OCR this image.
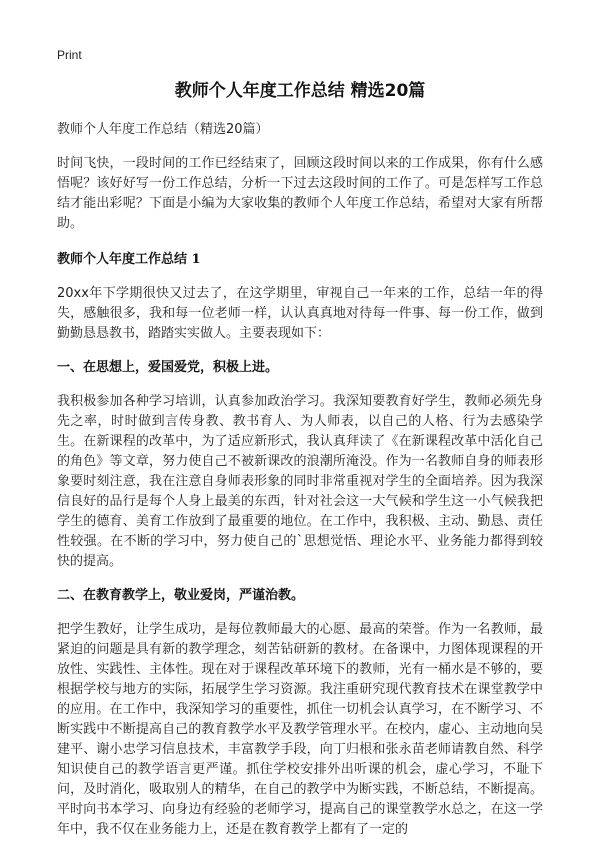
Print
教师个人年度工作总结 精选20篇

教师个人年度工作总结（精选20篇）

时间飞快，一段时间的工作已经结束了，回顾这段时间以来的工作成果，你有什么感悟呢？该好好写一份工作总结，分析一下过去这段时间的工作了。可是怎样写工作总结才能出彩呢？下面是小编为大家收集的教师个人年度工作总结，希望对大家有所帮助。

教师个人年度工作总结 1

20xx年下学期很快又过去了，在这学期里，审视自己一年来的工作，总结一年的得失，感触很多，我和每一位老师一样，认认真真地对待每一件事、每一份工作，做到勤勤恳恳教书，踏踏实实做人。主要表现如下：

一、在思想上，爱国爱党，积极上进。

我积极参加各种学习培训，认真参加政治学习。我深知要教育好学生，教师必须先身先之率，时时做到言传身教、教书育人、为人师表，以自己的人格、行为去感染学生。在新课程的改革中，为了适应新形式，我认真拜读了《在新课程改革中活化自己的角色》等文章，努力使自己不被新课改的浪潮所淹没。作为一名教师自身的师表形象要时刻注意，我在注意自身师表形象的同时非常重视对学生的全面培养。因为我深信良好的品行是每个人身上最美的东西，针对社会这一大气候和学生这一小气候我把学生的德育、美育工作放到了最重要的地位。在工作中，我积极、主动、勤恳、责任性较强。在不断的学习中，努力使自己的`思想觉悟、理论水平、业务能力都得到较快的提高。

二、在教育教学上，敬业爱岗，严谨治教。

把学生教好，让学生成功，是每位教师最大的心愿、最高的荣誉。作为一名教师，最紧迫的问题是具有新的教学理念，刻苦钻研新的教材。在备课中，力图体现课程的开放性、实践性、主体性。现在对于课程改革环境下的教师，光有一桶水是不够的，要根据学校与地方的实际，拓展学生学习资源。我注重研究现代教育技术在课堂教学中的应用。在工作中，我深知学习的重要性，抓住一切机会认真学习，在不断学习、不断实践中不断提高自己的教育教学水平及教学管理水平。在校内，虚心、主动地向吴建平、谢小忠学习信息技术，丰富教学手段，向丁归根和张永苗老师请教自然、科学知识使自己的教学语言更严谨。抓住学校安排外出听课的机会，虚心学习，不耻下问，及时消化，吸取别人的精华，在自己的教学中为断实践，不断总结，不断提高。平时向书本学习、向身边有经验的老师学习，提高自己的课堂教学水总之，在这一学年中，我不仅在业务能力上，还是在教育教学上都有了一定的
